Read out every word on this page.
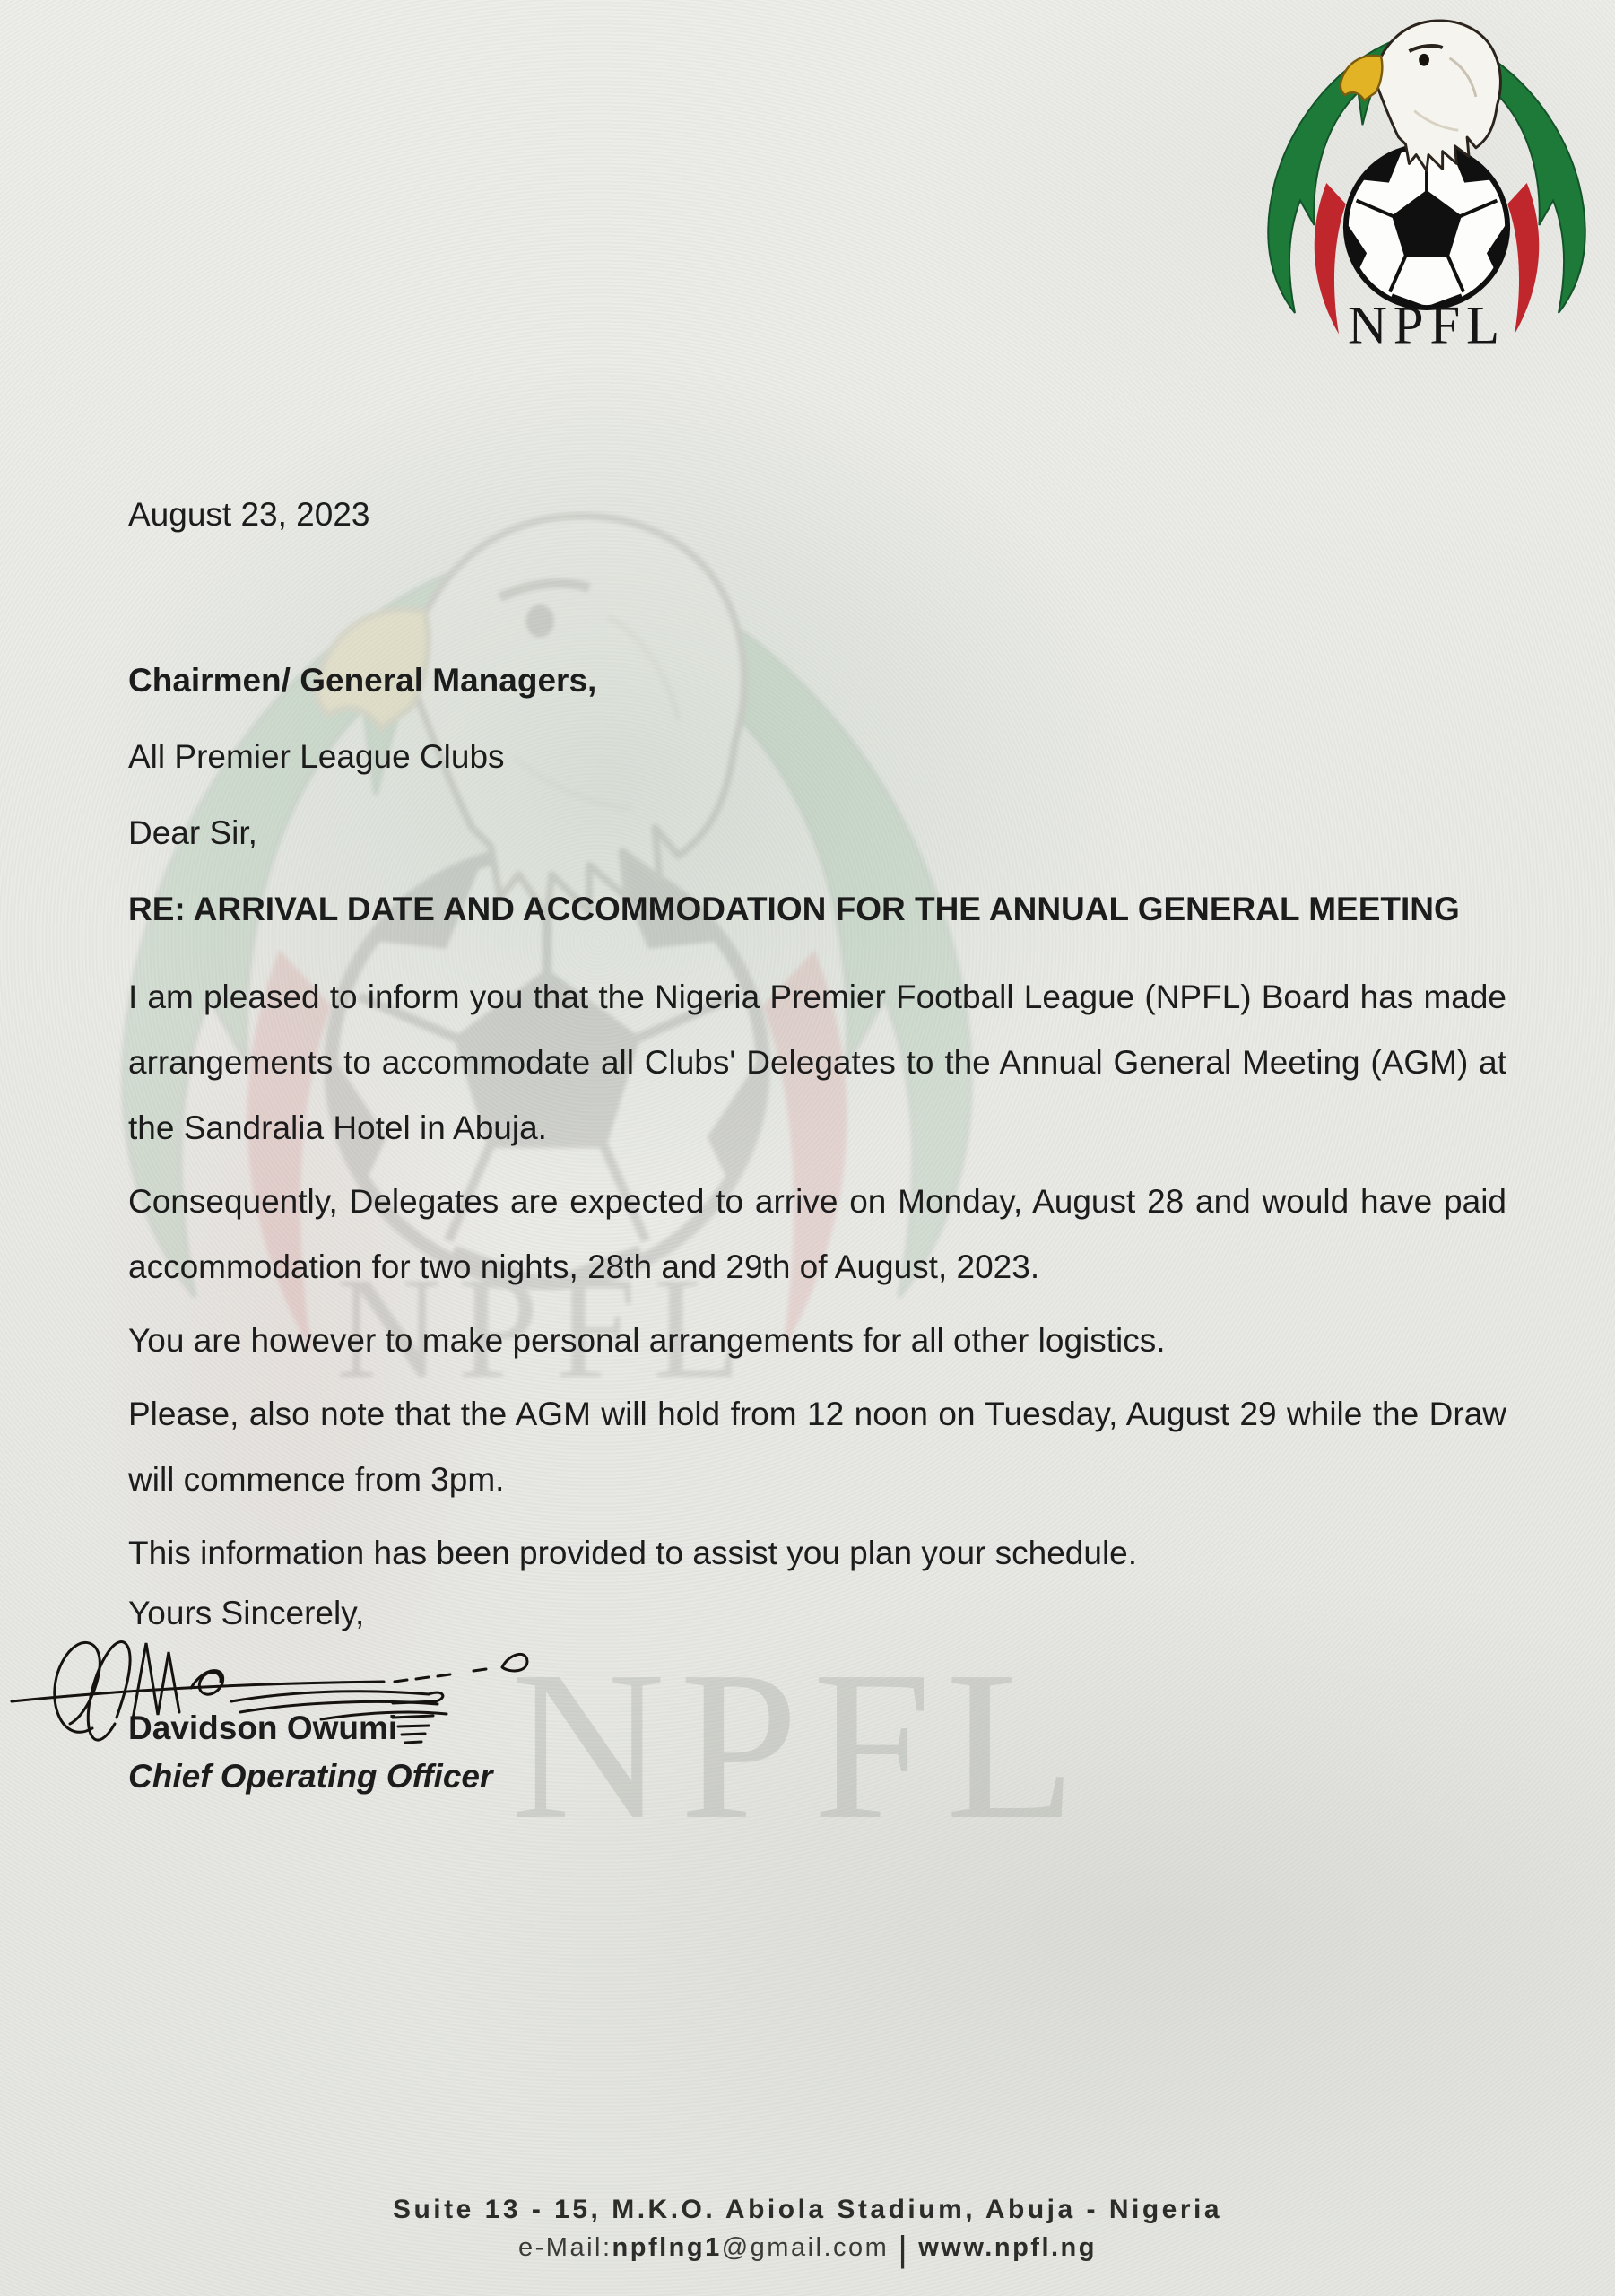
NPFL

August 23, 2023

Chairmen/ General Managers,

All Premier League Clubs

Dear Sir,

RE: ARRIVAL DATE AND ACCOMMODATION FOR THE ANNUAL GENERAL MEETING

I am pleased to inform you that the Nigeria Premier Football League (NPFL) Board has made arrangements to accommodate all Clubs' Delegates to the Annual General Meeting (AGM) at the Sandralia Hotel in Abuja.

Consequently, Delegates are expected to arrive on Monday, August 28 and would have paid accommodation for two nights, 28th and 29th of August, 2023.

You are however to make personal arrangements for all other logistics.

Please, also note that the AGM will hold from 12 noon on Tuesday, August 29 while the Draw will commence from 3pm.

This information has been provided to assist you plan your schedule.

Yours Sincerely,

Davidson Owumi

Chief Operating Officer

Suite 13 - 15, M.K.O. Abiola Stadium, Abuja - Nigeria
e-Mail:npflng1@gmail.com | www.npfl.ng
